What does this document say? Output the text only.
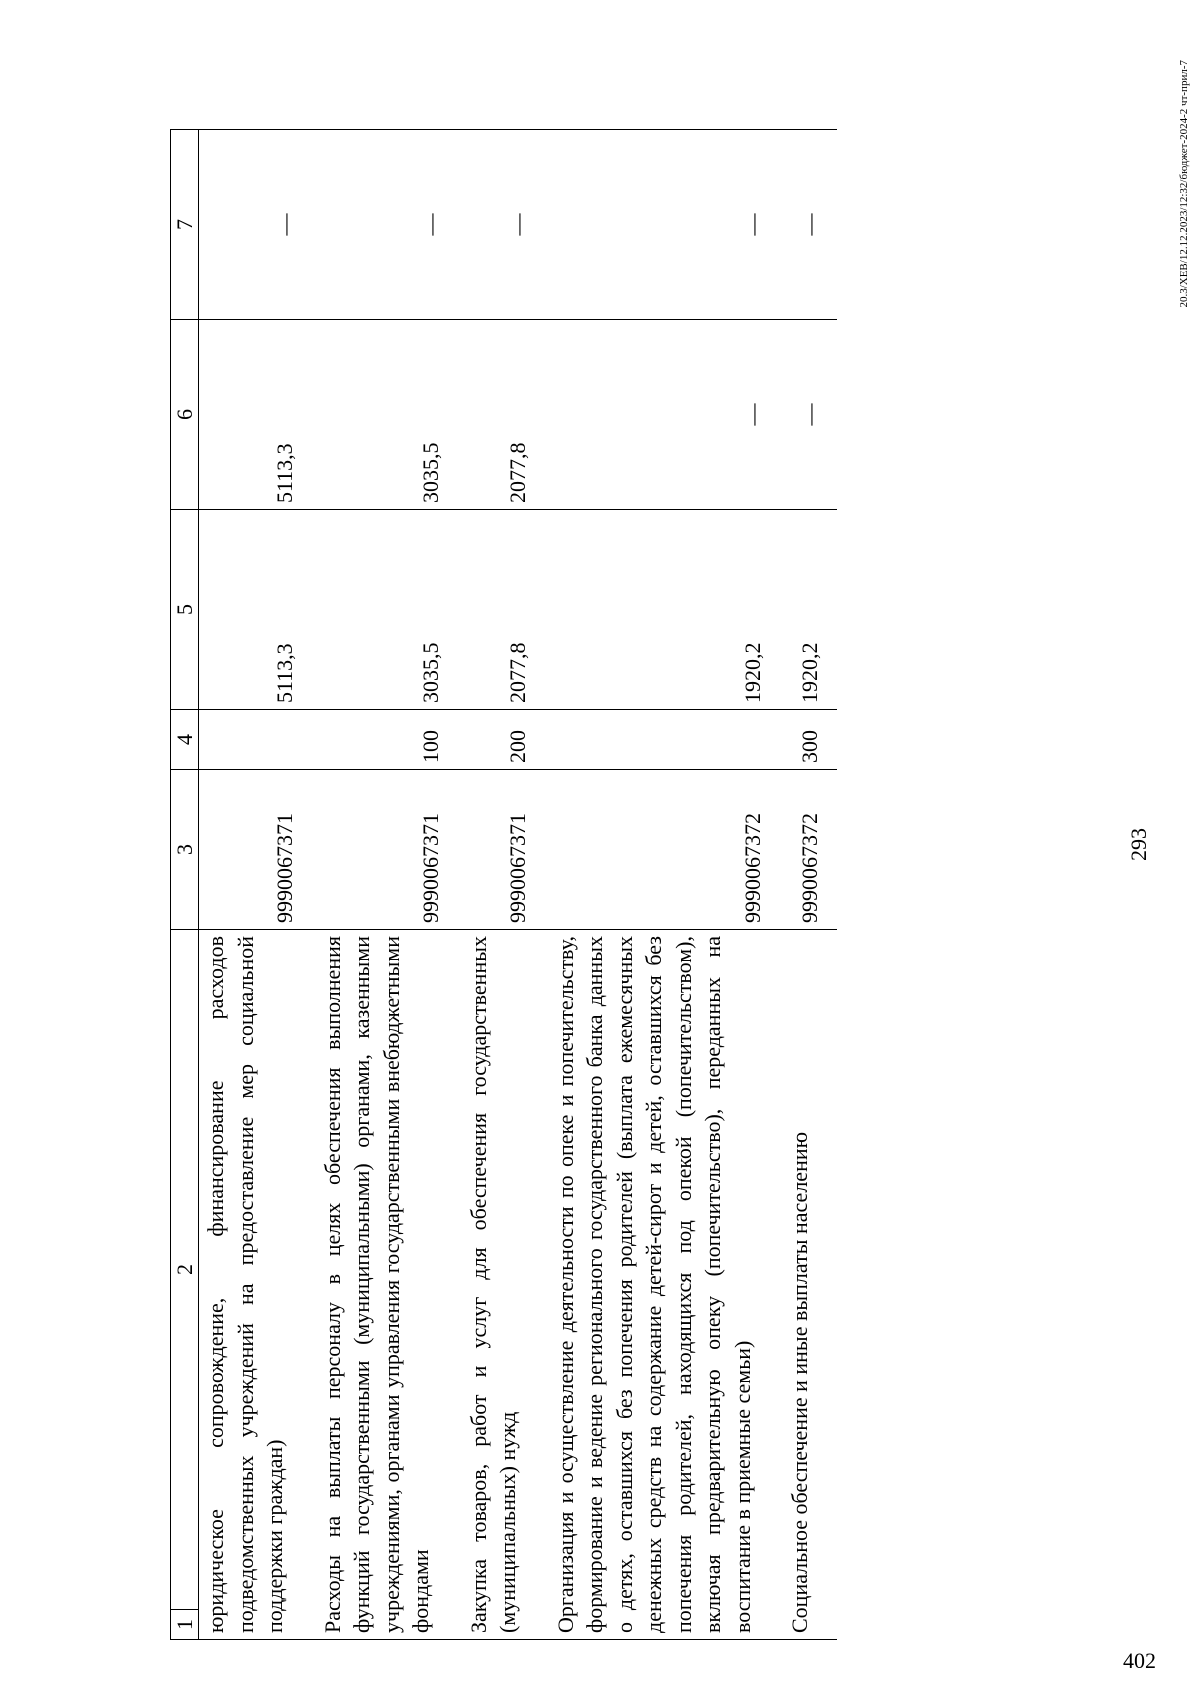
293
1	2	3	4	5	6	7
юридическое сопровождение, финансирование расходов подведомственных учреждений на предоставление мер социальной поддержки граждан)		9990067371		5113,3	5113,3	—

Расходы на выплаты персоналу в целях обеспечения выполнения функций государственными (муниципальными) органами, казенными учреждениями, органами управления государственными внебюджетными фондами		9990067371	100	3035,5	3035,5	—

Закупка товаров, работ и услуг для обеспечения государственных (муниципальных) нужд		9990067371	200	2077,8	2077,8	—

Организация и осуществление деятельности по опеке и попечительству, формирование и ведение регионального государственного банка данных о детях, оставшихся без попечения родителей (выплата ежемесячных денежных средств на содержание детей-сирот и детей, оставшихся без попечения родителей, находящихся под опекой (попечительством), включая предварительную опеку (попечительство), переданных на воспитание в приемные семьи)		9990067372		1920,2	—	—

Социальное обеспечение и иные выплаты населению		9990067372	300	1920,2	—	—	20.3/ХЕВ/12.12.2023/12:32/бюджет-2024-2 чт-прил-7
402
